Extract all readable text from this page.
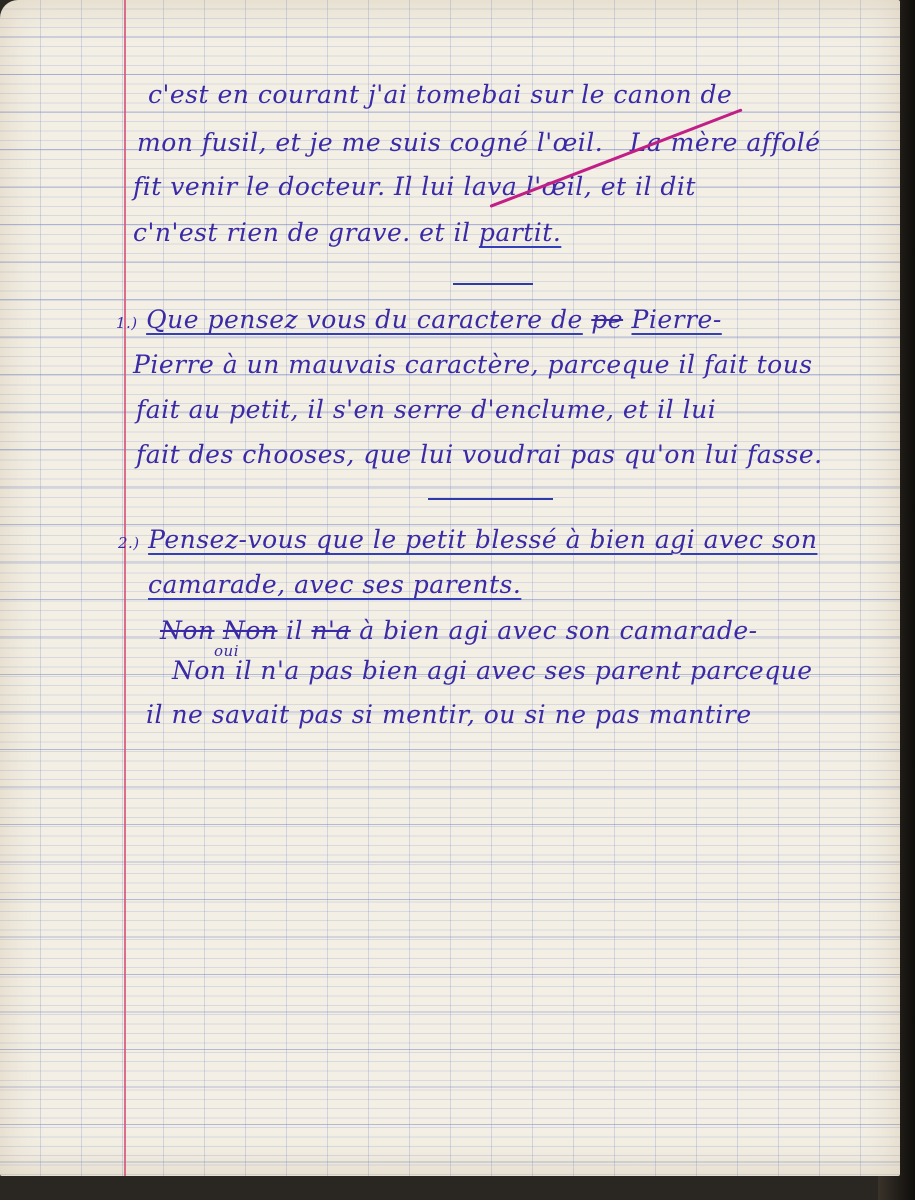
c'est en courant j'ai tomebai sur le canon de
mon fusil, et je me suis cogné l'œil. La mère affolé
fit venir le docteur. Il lui lava l'œil, et il dit
c'n'est rien de grave. et il partit.
1.) Que pensez vous du caractere de pe Pierre-
Pierre à un mauvais caractère, parceque il fait tous
fait au petit, il s'en serre d'enclume, et il lui
fait des chooses, que lui voudrai pas qu'on lui fasse.
2.) Pensez-vous que le petit blessé à bien agi avec son
camarade, avec ses parents.
Non Non il n'a à bien agi avec son camarade-
oui
Non il n'a pas bien agi avec ses parent parceque
il ne savait pas si mentir, ou si ne pas mantire
